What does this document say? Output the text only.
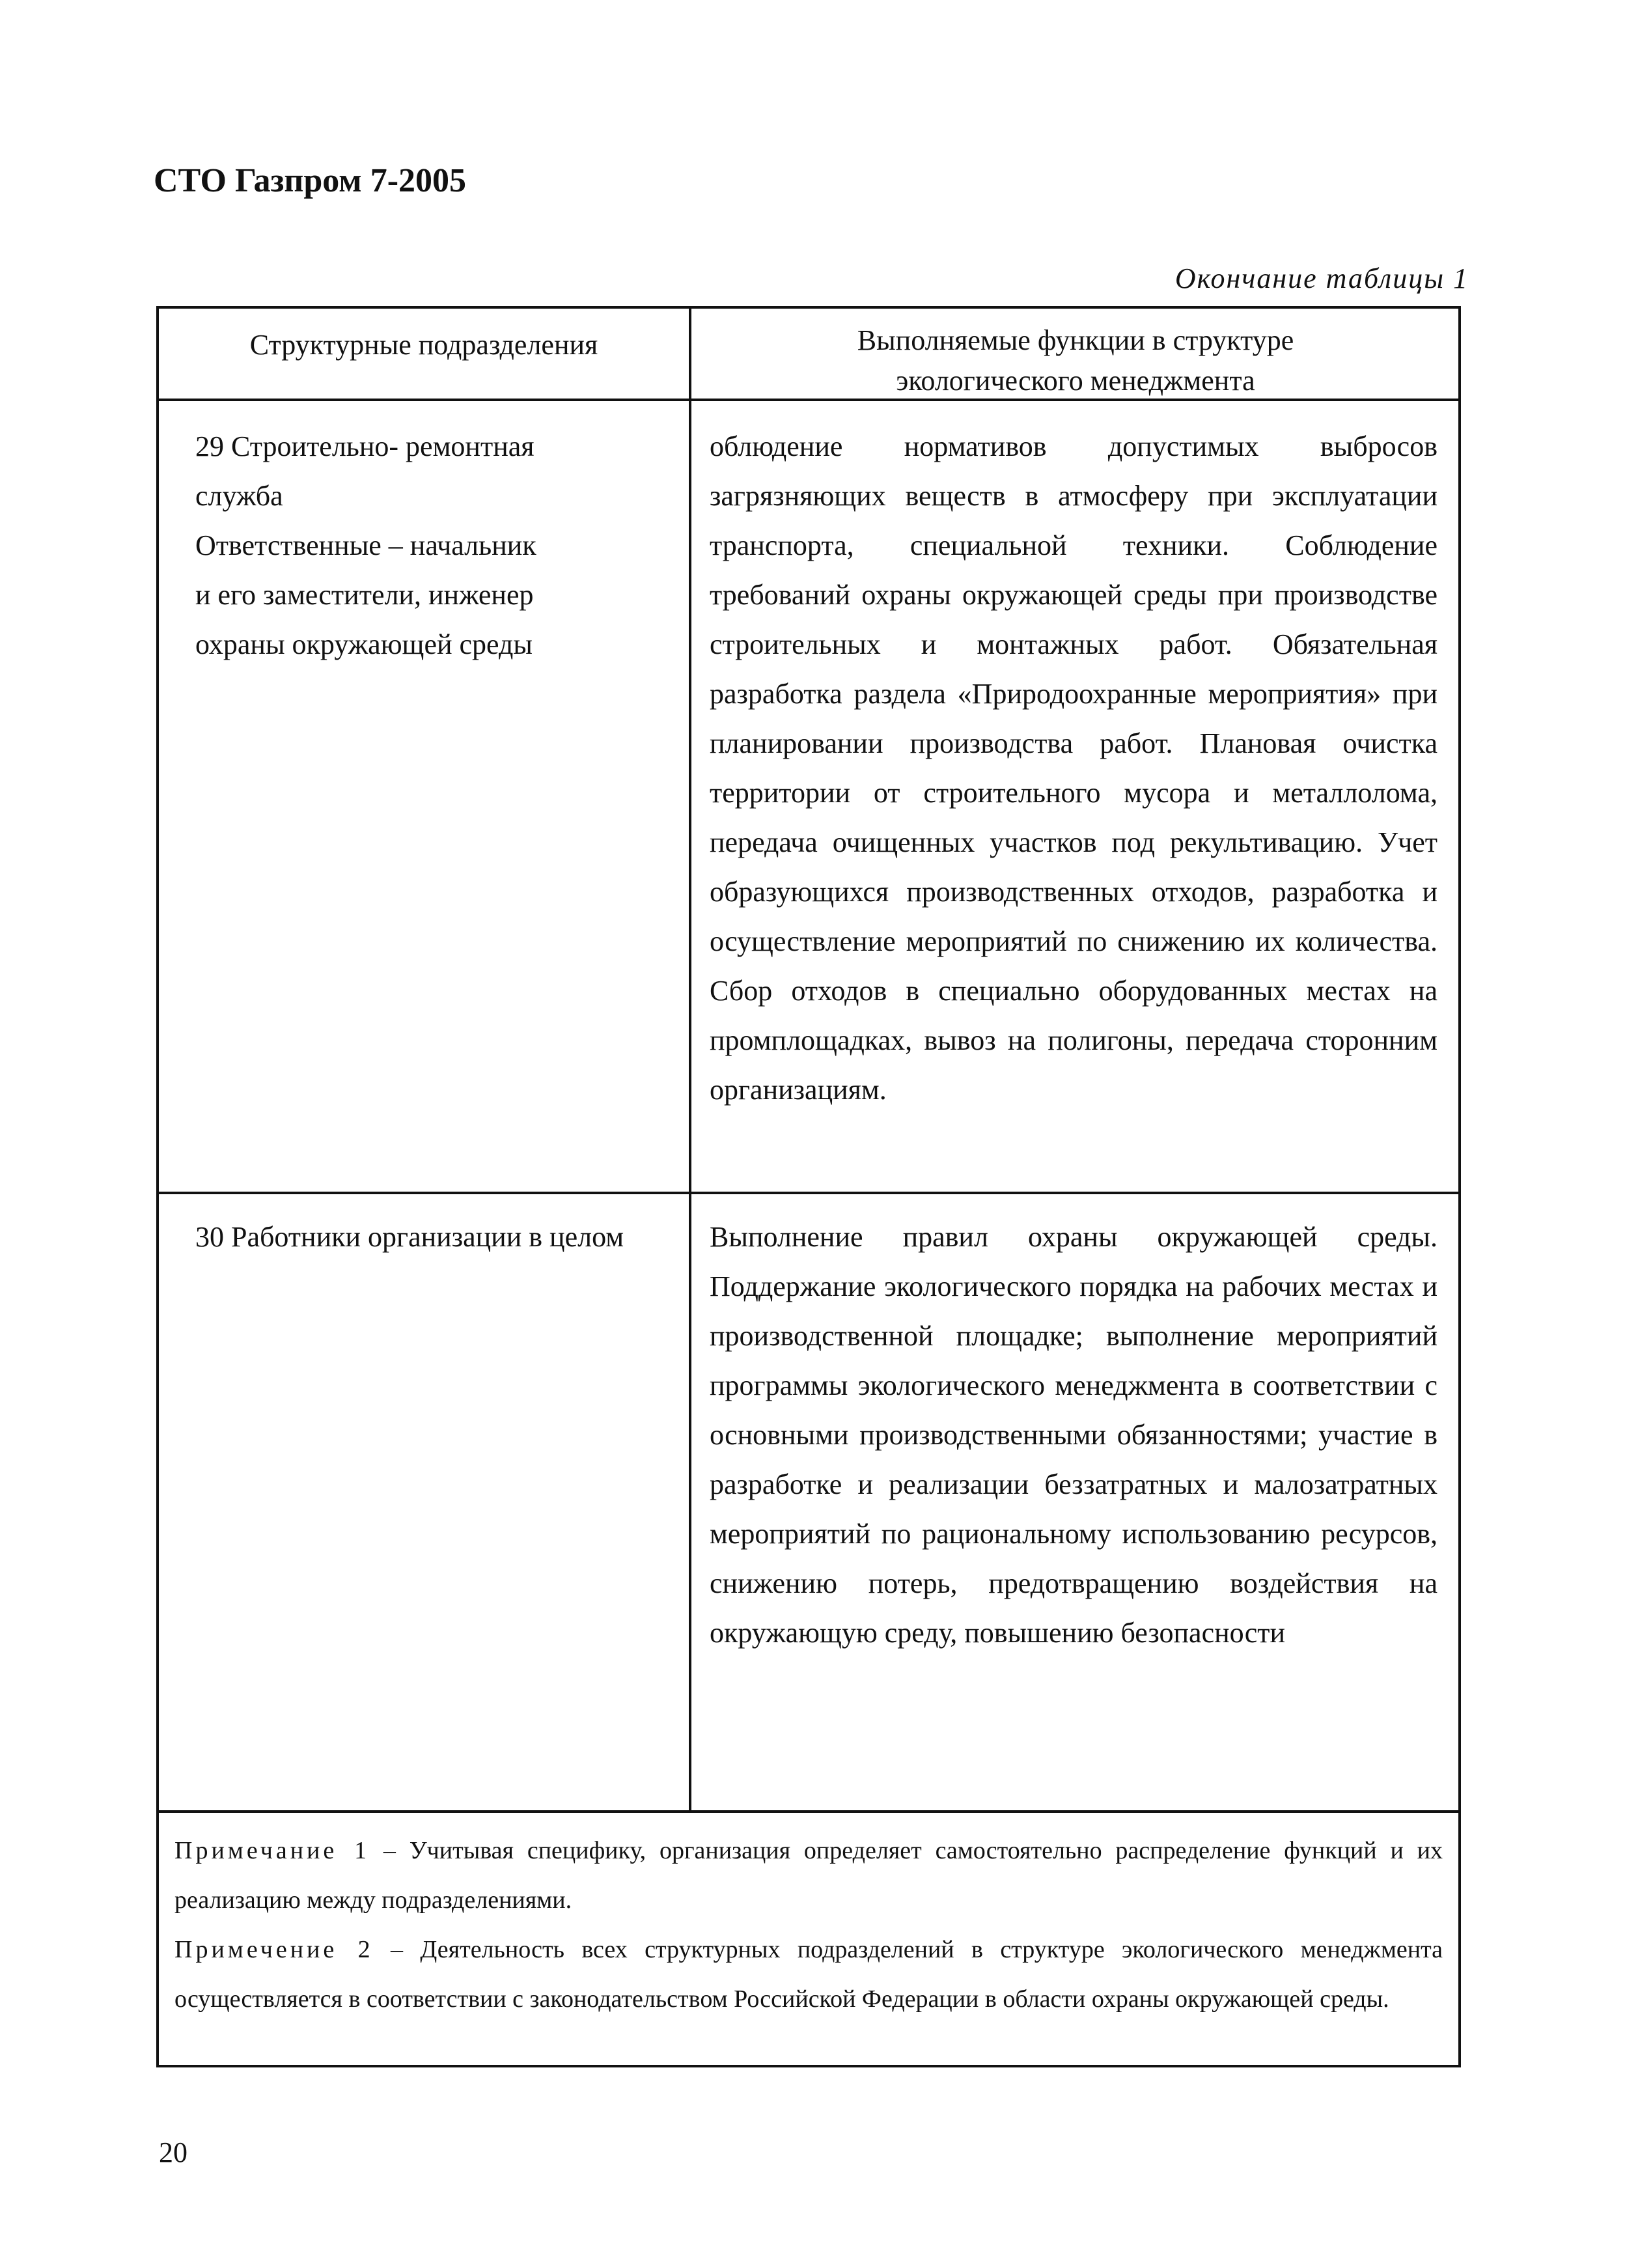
СТО Газпром 7-2005
Окончание таблицы 1
Структурные подразделения	Выполняемые функции в структуре экологического менеджмента
29 Строительно- ремонтная
служба
Ответственные – начальник
и его заместители, инженер
охраны окружающей среды
облюдение нормативов допустимых выбросов загрязняющих веществ в атмосферу при эксплуатации транспорта, специальной техники. Соблюдение требований охраны окружающей среды при производстве строительных и монтажных работ. Обязательная разработка раздела «Природоохранные мероприятия» при планировании производства работ. Плановая очистка территории от строительного мусора и металлолома, передача очищенных участков под рекультивацию. Учет образующихся производственных отходов, разработка и осуществление мероприятий по снижению их количества. Сбор отходов в специально оборудованных местах на промплощадках, вывоз на полигоны, передача сторонним организациям.
30 Работники организации в целом	Выполнение правил охраны окружающей среды. Поддержание экологического порядка на рабочих местах и производственной площадке; выполнение мероприятий программы экологического менеджмента в соответствии с основными производственными обязанностями; участие в разработке и реализации беззатратных и малозатратных мероприятий по рациональному использованию ресурсов, снижению потерь, предотвращению воздействия на окружающую среду, повышению безопасности
Примечание 1 – Учитывая специфику, организация определяет самостоятельно распределение функций и их реализацию между подразделениями.
Примечение 2 – Деятельность всех структурных подразделений в структуре экологического менеджмента осуществляется в соответствии с законодательством Российской Федерации в области охраны окружающей среды.
20
